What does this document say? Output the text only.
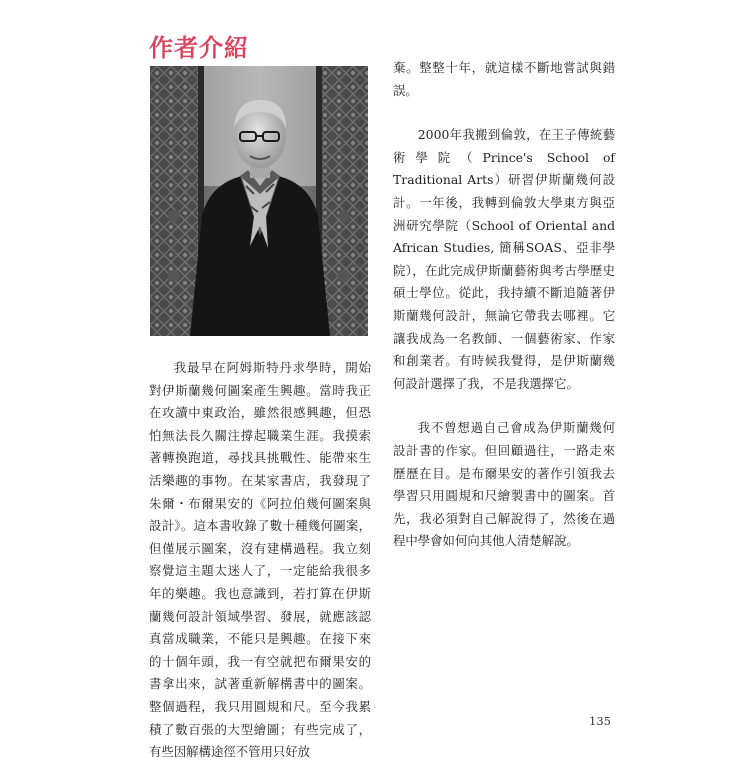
作者介紹

我最早在阿姆斯特丹求學時，開始對伊斯蘭幾何圖案產生興趣。當時我正在攻讀中東政治，雖然很感興趣，但恐怕無法長久關注撐起職業生涯。我摸索著轉換跑道，尋找具挑戰性、能帶來生活樂趣的事物。在某家書店，我發現了朱爾・布爾果安的《阿拉伯幾何圖案與設計》。這本書收錄了數十種幾何圖案，但僅展示圖案，沒有建構過程。我立刻察覺這主題太迷人了，一定能給我很多年的樂趣。我也意識到，若打算在伊斯蘭幾何設計領域學習、發展，就應該認真當成職業，不能只是興趣。在接下來的十個年頭，我一有空就把布爾果安的書拿出來，試著重新解構書中的圖案。整個過程，我只用圓規和尺。至今我累積了數百張的大型繪圖；有些完成了，有些因解構途徑不管用只好放

棄。整整十年，就這樣不斷地嘗試與錯誤。

2000年我搬到倫敦，在王子傳統藝術學院（Prince's School of Traditional Arts）研習伊斯蘭幾何設計。一年後，我轉到倫敦大學東方與亞洲研究學院（School of Oriental and African Studies, 簡稱SOAS、亞非學院），在此完成伊斯蘭藝術與考古學歷史碩士學位。從此，我持續不斷追隨著伊斯蘭幾何設計，無論它帶我去哪裡。它讓我成為一名教師、一個藝術家、作家和創業者。有時候我覺得，是伊斯蘭幾何設計選擇了我，不是我選擇它。

我不曾想過自己會成為伊斯蘭幾何設計書的作家。但回顧過往，一路走來歷歷在目。是布爾果安的著作引領我去學習只用圓規和尺繪製書中的圖案。首先，我必須對自己解說得了，然後在過程中學會如何向其他人清楚解說。

135
